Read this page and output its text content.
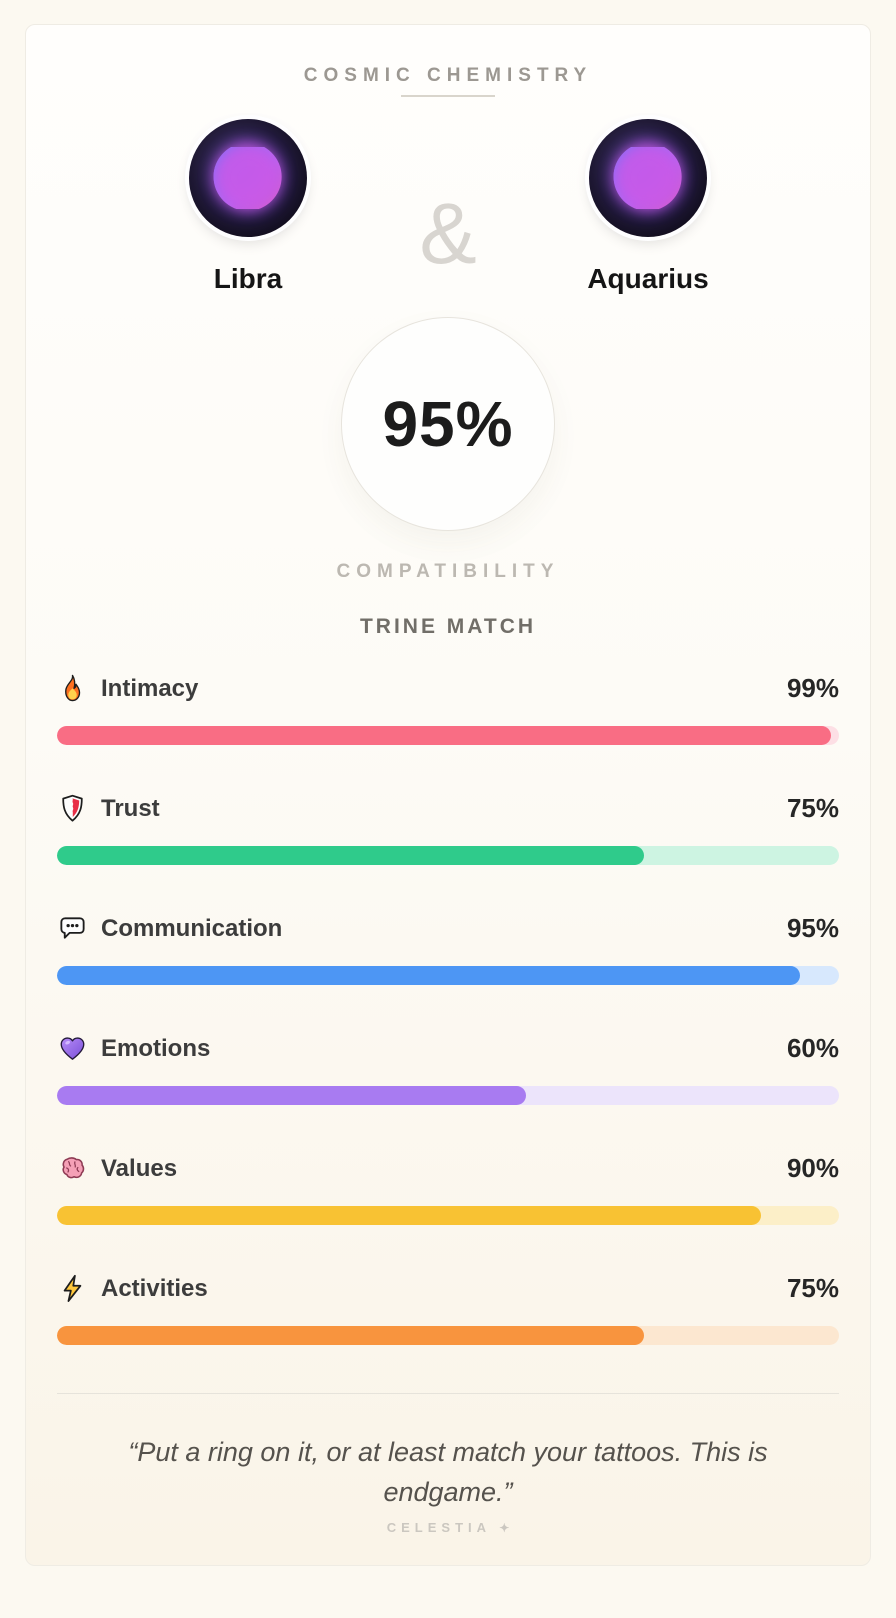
COSMIC CHEMISTRY
♎
Libra	&
♒
Aquarius
95%
COMPATIBILITY
TRINE MATCH
Intimacy	99%
Trust	75%
Communication	95%
Emotions	60%
Values	90%
Activities	75%
“Put a ring on it, or at least match your tattoos. This is endgame.”
CELESTIA ✦
